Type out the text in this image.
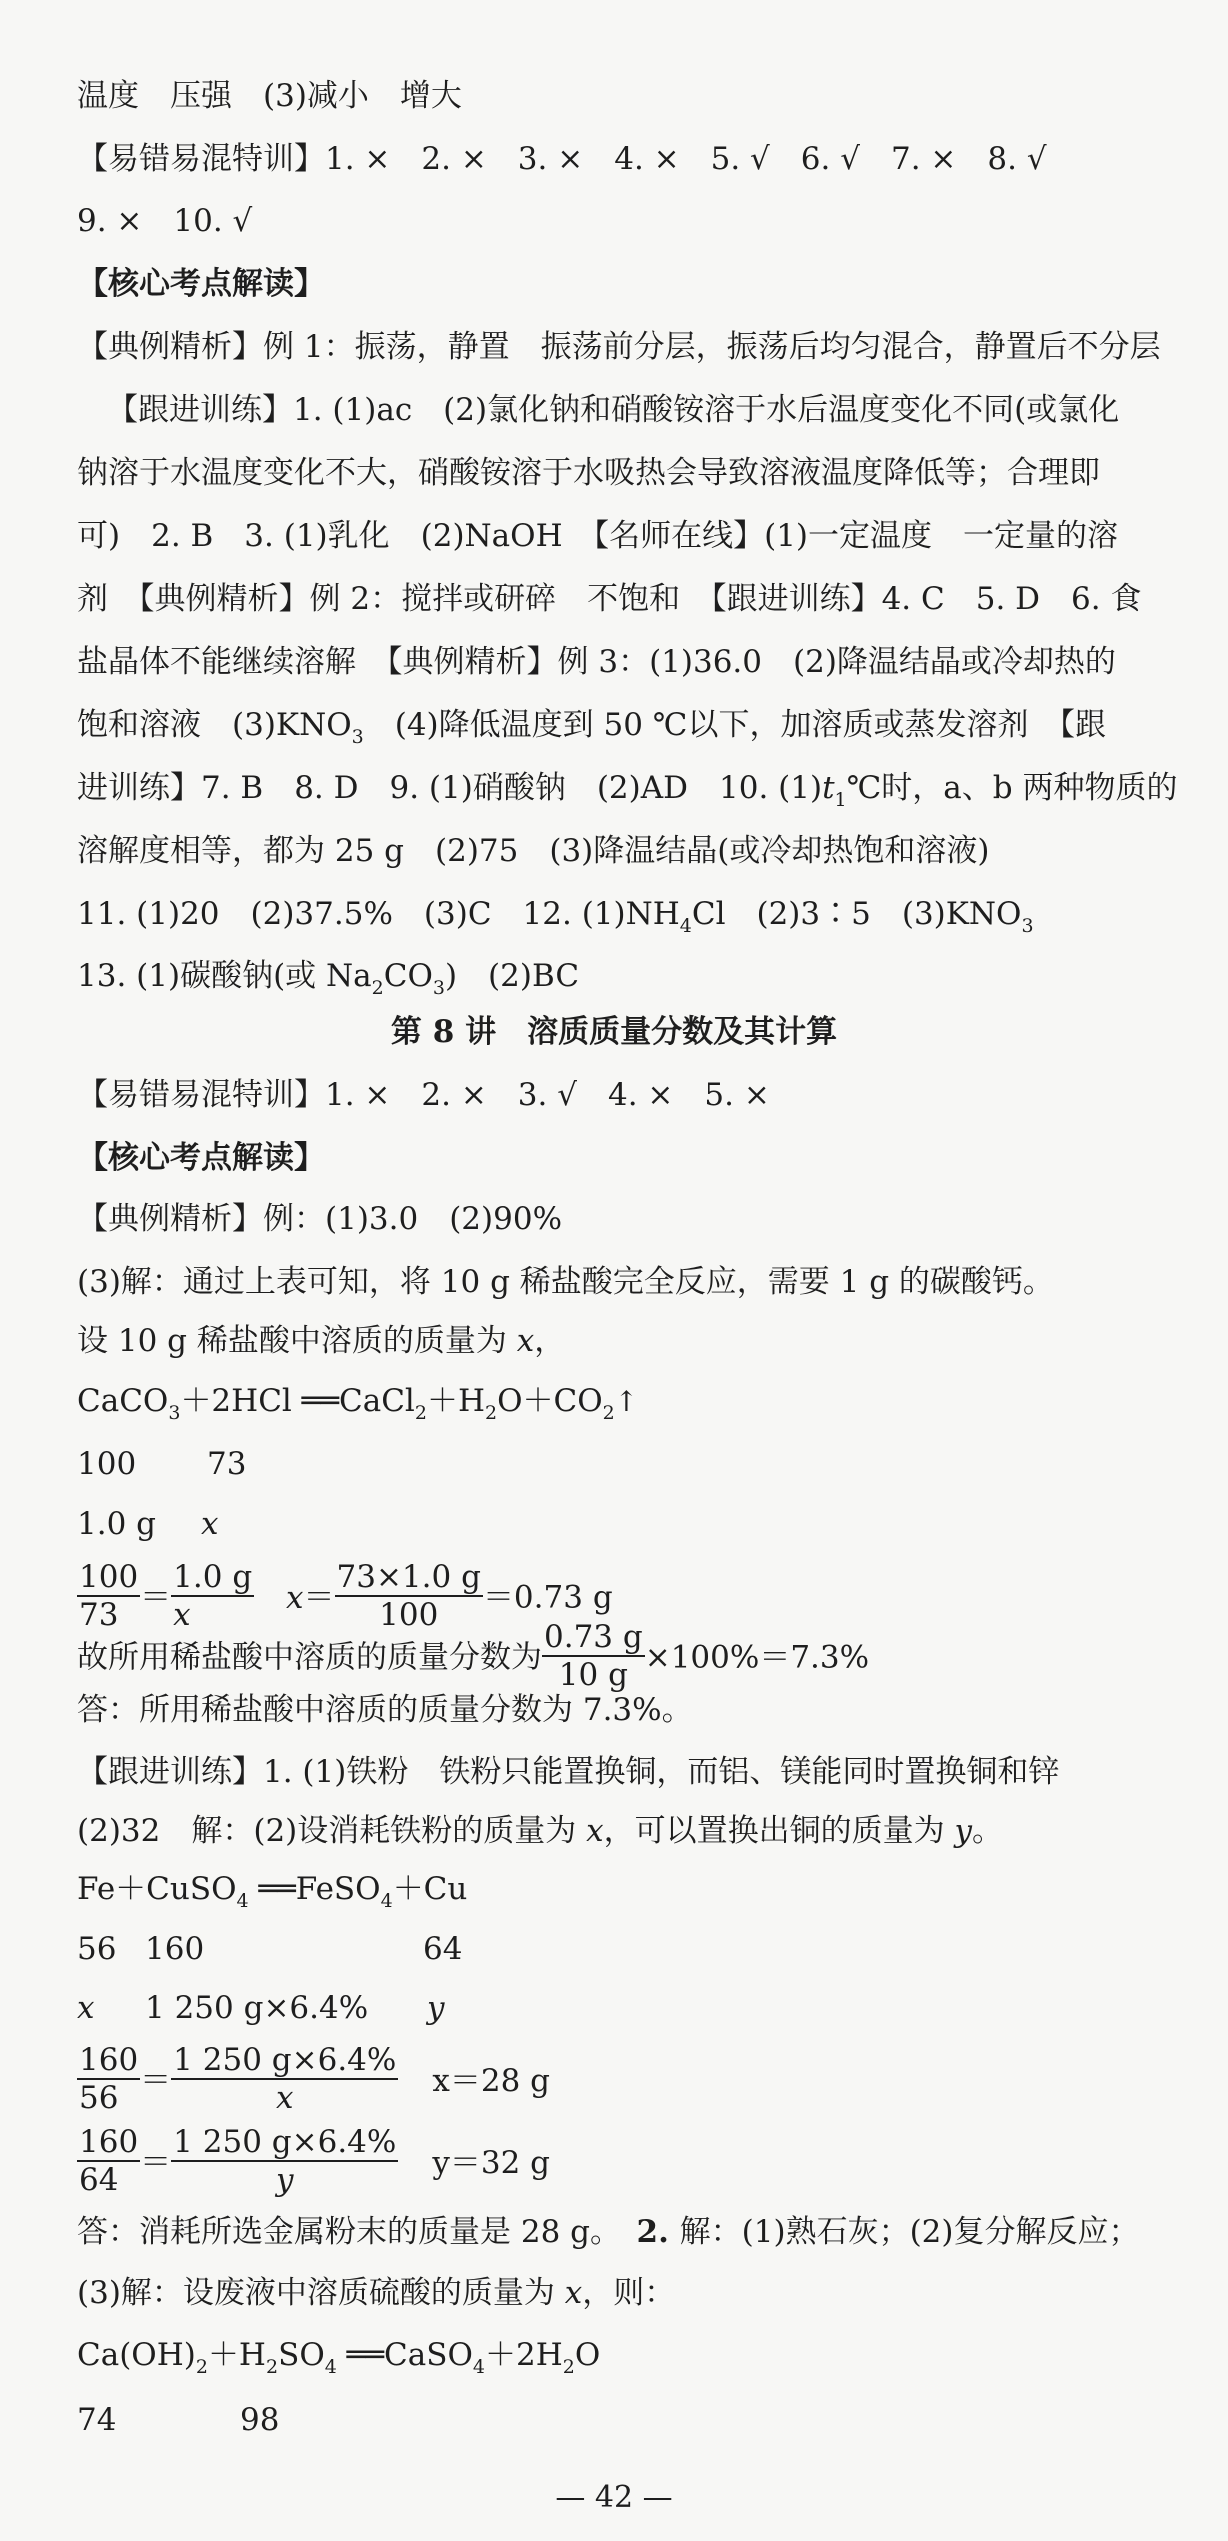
温度　压强　(3)减小　增大
【易错易混特训】1. ×　2. ×　3. ×　4. ×　5. √　6. √　7. ×　8. √
9. ×　10. √
【核心考点解读】
【典例精析】例 1：振荡，静置　振荡前分层，振荡后均匀混合，静置后不分层
【跟进训练】1. (1)ac　(2)氯化钠和硝酸铵溶于水后温度变化不同(或氯化
钠溶于水温度变化不大，硝酸铵溶于水吸热会导致溶液温度降低等；合理即
可)　2. B　3. (1)乳化　(2)NaOH　【名师在线】(1)一定温度　一定量的溶
剂　【典例精析】例 2：搅拌或研碎　不饱和　【跟进训练】4. C　5. D　6. 食
盐晶体不能继续溶解　【典例精析】例 3：(1)36.0　(2)降温结晶或冷却热的
饱和溶液　$(3)KNO_3$　(4)降低温度到 50 ℃以下，加溶质或蒸发溶剂　【跟
进训练】7. B　8. D　9. (1)硝酸钠　(2)AD　10. $(1)t_1℃$时，a、b 两种物质的
溶解度相等，都为 25 g　(2)75　(3)降温结晶(或冷却热饱和溶液)
11. (1)20　(2)37.5%　(3)C　12. $(1)NH_4Cl$　(2)3∶5　$(3)KNO_3$
13. (1)碳酸钠(或 $Na_2CO_3$)　(2)BC
第 8 讲　溶质质量分数及其计算
【易错易混特训】1. ×　2. ×　3. √　4. ×　5. ×
【核心考点解读】
【典例精析】例：(1)3.0　(2)90%
(3)解：通过上表可知，将 10 g 稀盐酸完全反应，需要 1 g 的碳酸钙。
设 10 g 稀盐酸中溶质的质量为 x，
CaCO$_3$＋2HCl $══CaCl_2+H_2O+CO_2↑$
100 73
1.0 g x
$\frac{100}{73} = \frac{1.0 g}{x} x= \frac{73\times 1.0 g}{100} =0.73$ g
故所用稀盐酸中溶质的质量分数为 $\frac{0.73 g}{10 g} \times 100\%=7.3\%$
答：所用稀盐酸中溶质的质量分数为 7.3%。
【跟进训练】1. (1)铁粉　铁粉只能置换铜，而铝、镁能同时置换铜和锌
(2)32　解：(2)设消耗铁粉的质量为 x，可以置换出铜的质量为 y。
Fe＋CuSO$_4$ ══FeSO$_4$＋Cu
56 160	64
x 1 250 g×6.4% y
$\frac{160}{56} = \frac{1 250 g\times 6.4\%}{x} x=28$ g
$\frac{160}{64} = \frac{1 250 g\times 6.4\%}{y} y=32$ g
答：消耗所选金属粉末的质量是 28 g。　2. 解：(1)熟石灰；(2)复分解反应；
(3)解：设废液中溶质硫酸的质量为 x，则：
$Ca(OH)_2+H_2SO_4$ $══CaSO_4+2H_2O$
74	98
— 42 —
